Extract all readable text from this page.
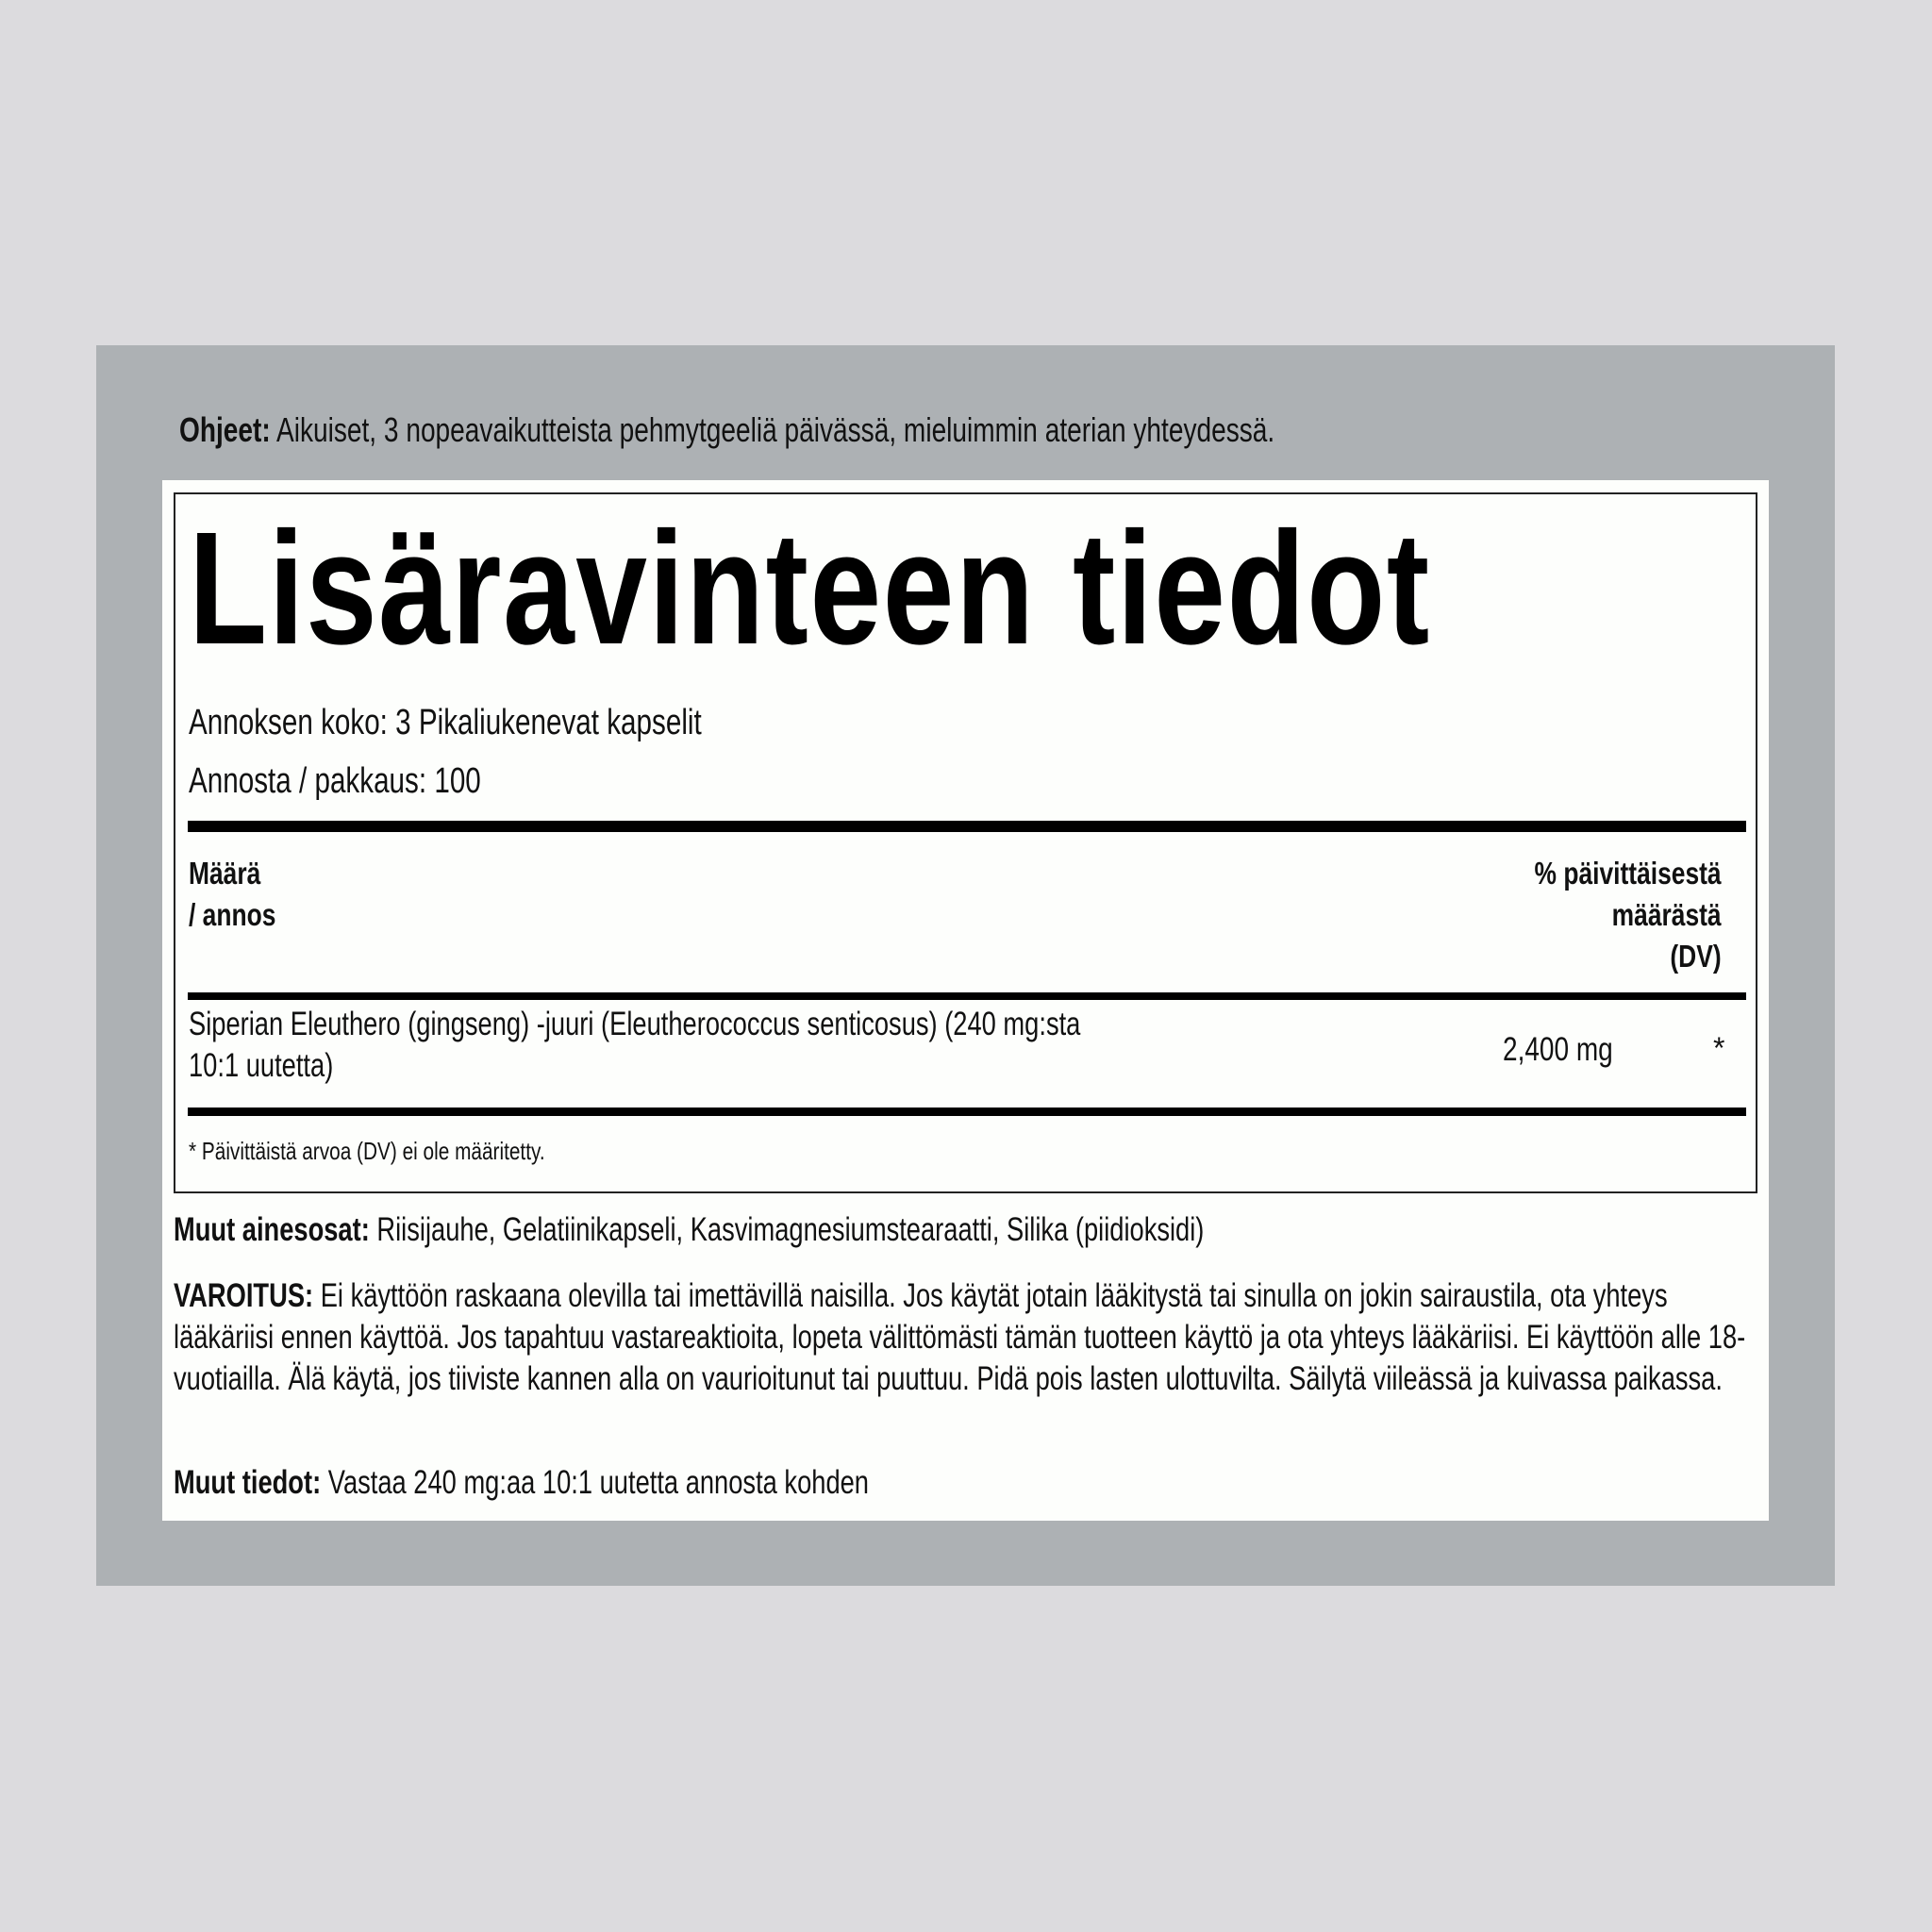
Ohjeet: Aikuiset, 3 nopeavaikutteista pehmytgeeliä päivässä, mieluimmin aterian yhteydessä.
Lisäravinteen tiedot
Annoksen koko: 3 Pikaliukenevat kapselit
Annosta / pakkaus: 100
Määrä
/ annos
% päivittäisestä
määrästä
(DV)
Siperian Eleuthero (gingseng) -juuri (Eleutherococcus senticosus) (240 mg:sta
10:1 uutetta)	2,400 mg	*
* Päivittäistä arvoa (DV) ei ole määritetty.
Muut ainesosat: Riisijauhe, Gelatiinikapseli, Kasvimagnesiumstearaatti, Silika (piidioksidi)
VAROITUS: Ei käyttöön raskaana olevilla tai imettävillä naisilla. Jos käytät jotain lääkitystä tai sinulla on jokin sairaustila, ota yhteys lääkäriisi ennen käyttöä. Jos tapahtuu vastareaktioita, lopeta välittömästi tämän tuotteen käyttö ja ota yhteys lääkäriisi. Ei käyttöön alle 18-vuotiailla. Älä käytä, jos tiiviste kannen alla on vaurioitunut tai puuttuu. Pidä pois lasten ulottuvilta. Säilytä viileässä ja kuivassa paikassa.
Muut tiedot: Vastaa 240 mg:aa 10:1 uutetta annosta kohden
